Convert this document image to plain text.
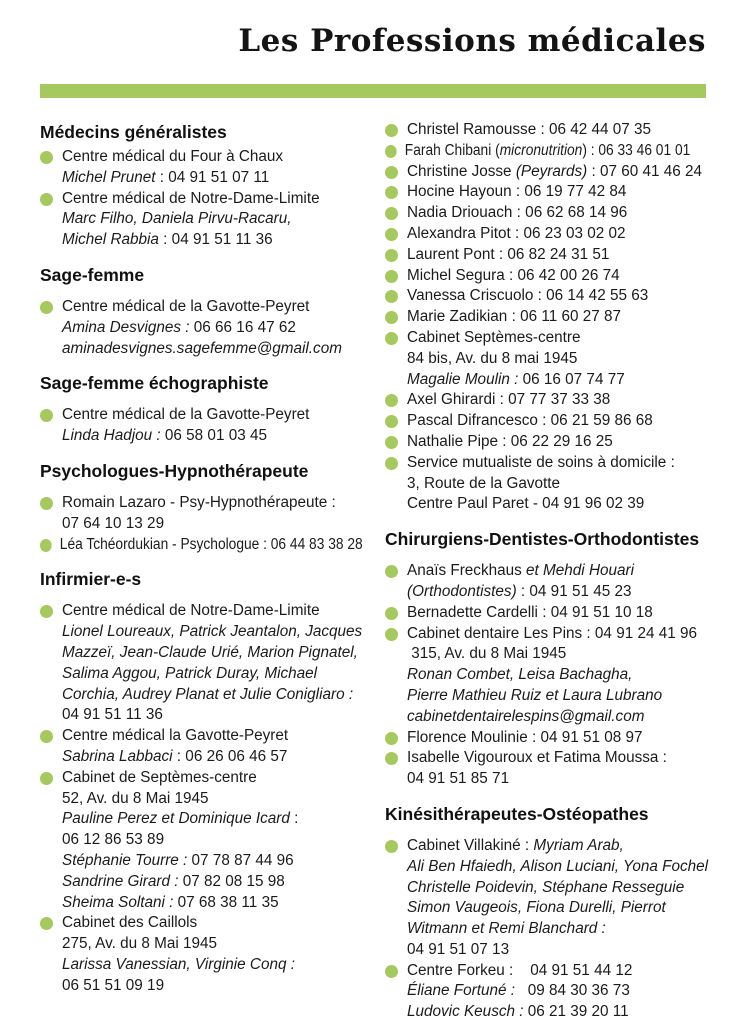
Les Professions médicales
Médecins généralistes
Centre médical du Four à Chaux
Michel Prunet : 04 91 51 07 11
Centre médical de Notre-Dame-Limite
Marc Filho, Daniela Pirvu-Racaru,
Michel Rabbia : 04 91 51 11 36
Sage-femme
Centre médical de la Gavotte-Peyret
Amina Desvignes : 06 66 16 47 62
aminadesvignes.sagefemme@gmail.com
Sage-femme échographiste
Centre médical de la Gavotte-Peyret
Linda Hadjou : 06 58 01 03 45
Psychologues-Hypnothérapeute
Romain Lazaro - Psy-Hypnothérapeute :
07 64 10 13 29
Léa Tchéordukian - Psychologue : 06 44 83 38 28
Infirmier-e-s
Centre médical de Notre-Dame-Limite
Lionel Loureaux, Patrick Jeantalon, Jacques
Mazzeï, Jean-Claude Urié, Marion Pignatel,
Salima Aggou, Patrick Duray, Michael
Corchia, Audrey Planat et Julie Conigliaro :
04 91 51 11 36
Centre médical la Gavotte-Peyret
Sabrina Labbaci : 06 26 06 46 57
Cabinet de Septèmes-centre
52, Av. du 8 Mai 1945
Pauline Perez et Dominique Icard :
06 12 86 53 89
Stéphanie Tourre : 07 78 87 44 96
Sandrine Girard : 07 82 08 15 98
Sheima Soltani : 07 68 38 11 35
Cabinet des Caillols
275, Av. du 8 Mai 1945
Larissa Vanessian, Virginie Conq :
06 51 51 09 19
Christel Ramousse : 06 42 44 07 35
Farah Chibani (micronutrition) : 06 33 46 01 01
Christine Josse (Peyrards) : 07 60 41 46 24
Hocine Hayoun : 06 19 77 42 84
Nadia Driouach : 06 62 68 14 96
Alexandra Pitot : 06 23 03 02 02
Laurent Pont : 06 82 24 31 51
Michel Segura : 06 42 00 26 74
Vanessa Criscuolo : 06 14 42 55 63
Marie Zadikian : 06 11 60 27 87
Cabinet Septèmes-centre
84 bis, Av. du 8 mai 1945
Magalie Moulin : 06 16 07 74 77
Axel Ghirardi : 07 77 37 33 38
Pascal Difrancesco : 06 21 59 86 68
Nathalie Pipe : 06 22 29 16 25
Service mutualiste de soins à domicile :
3, Route de la Gavotte
Centre Paul Paret - 04 91 96 02 39
Chirurgiens-Dentistes-Orthodontistes
Anaïs Freckhaus et Mehdi Houari
(Orthodontistes) : 04 91 51 45 23
Bernadette Cardelli : 04 91 51 10 18
Cabinet dentaire Les Pins : 04 91 24 41 96
315, Av. du 8 Mai 1945
Ronan Combet, Leisa Bachagha,
Pierre Mathieu Ruiz et Laura Lubrano
cabinetdentairelespins@gmail.com
Florence Moulinie : 04 91 51 08 97
Isabelle Vigouroux et Fatima Moussa :
04 91 51 85 71
Kinésithérapeutes-Ostéopathes
Cabinet Villakiné : Myriam Arab,
Ali Ben Hfaiedh, Alison Luciani, Yona Fochel
Christelle Poidevin, Stéphane Resseguie
Simon Vaugeois, Fiona Durelli, Pierrot
Witmann et Remi Blanchard :
04 91 51 07 13
Centre Forkeu :    04 91 51 44 12
Éliane Fortuné :   09 84 30 36 73
Ludovic Keusch : 06 21 39 20 11
